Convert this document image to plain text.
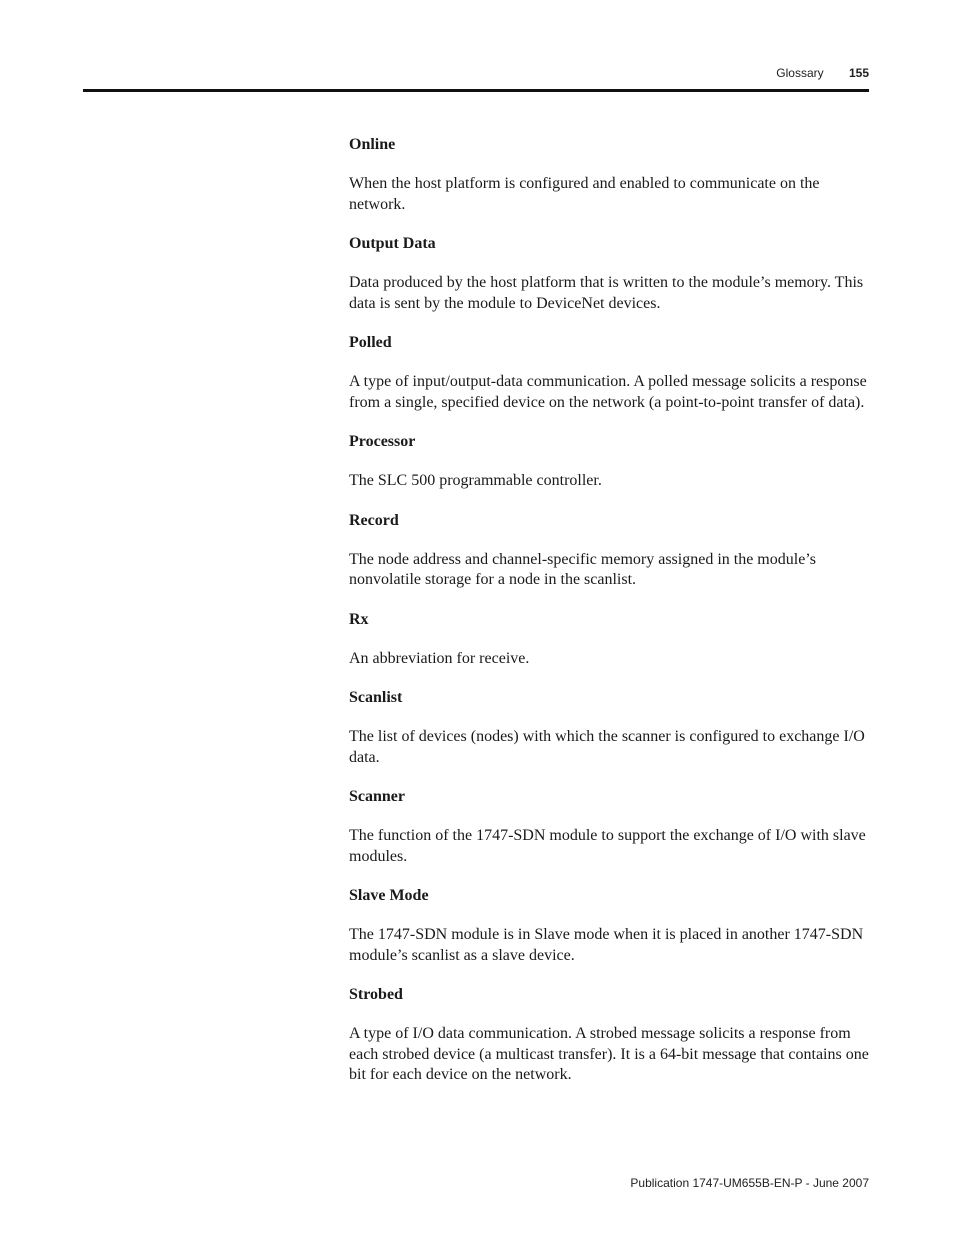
Glossary 155

Online

When the host platform is configured and enabled to communicate on the network.

Output Data

Data produced by the host platform that is written to the module’s memory. This data is sent by the module to DeviceNet devices.

Polled

A type of input/output-data communication. A polled message solicits a response from a single, specified device on the network (a point-to-point transfer of data).

Processor

The SLC 500 programmable controller.

Record

The node address and channel-specific memory assigned in the module’s nonvolatile storage for a node in the scanlist.

Rx

An abbreviation for receive.

Scanlist

The list of devices (nodes) with which the scanner is configured to exchange I/O data.

Scanner

The function of the 1747-SDN module to support the exchange of I/O with slave modules.

Slave Mode

The 1747-SDN module is in Slave mode when it is placed in another 1747-SDN module’s scanlist as a slave device.

Strobed

A type of I/O data communication. A strobed message solicits a response from each strobed device (a multicast transfer). It is a 64-bit message that contains one bit for each device on the network.

Publication 1747-UM655B-EN-P - June 2007
